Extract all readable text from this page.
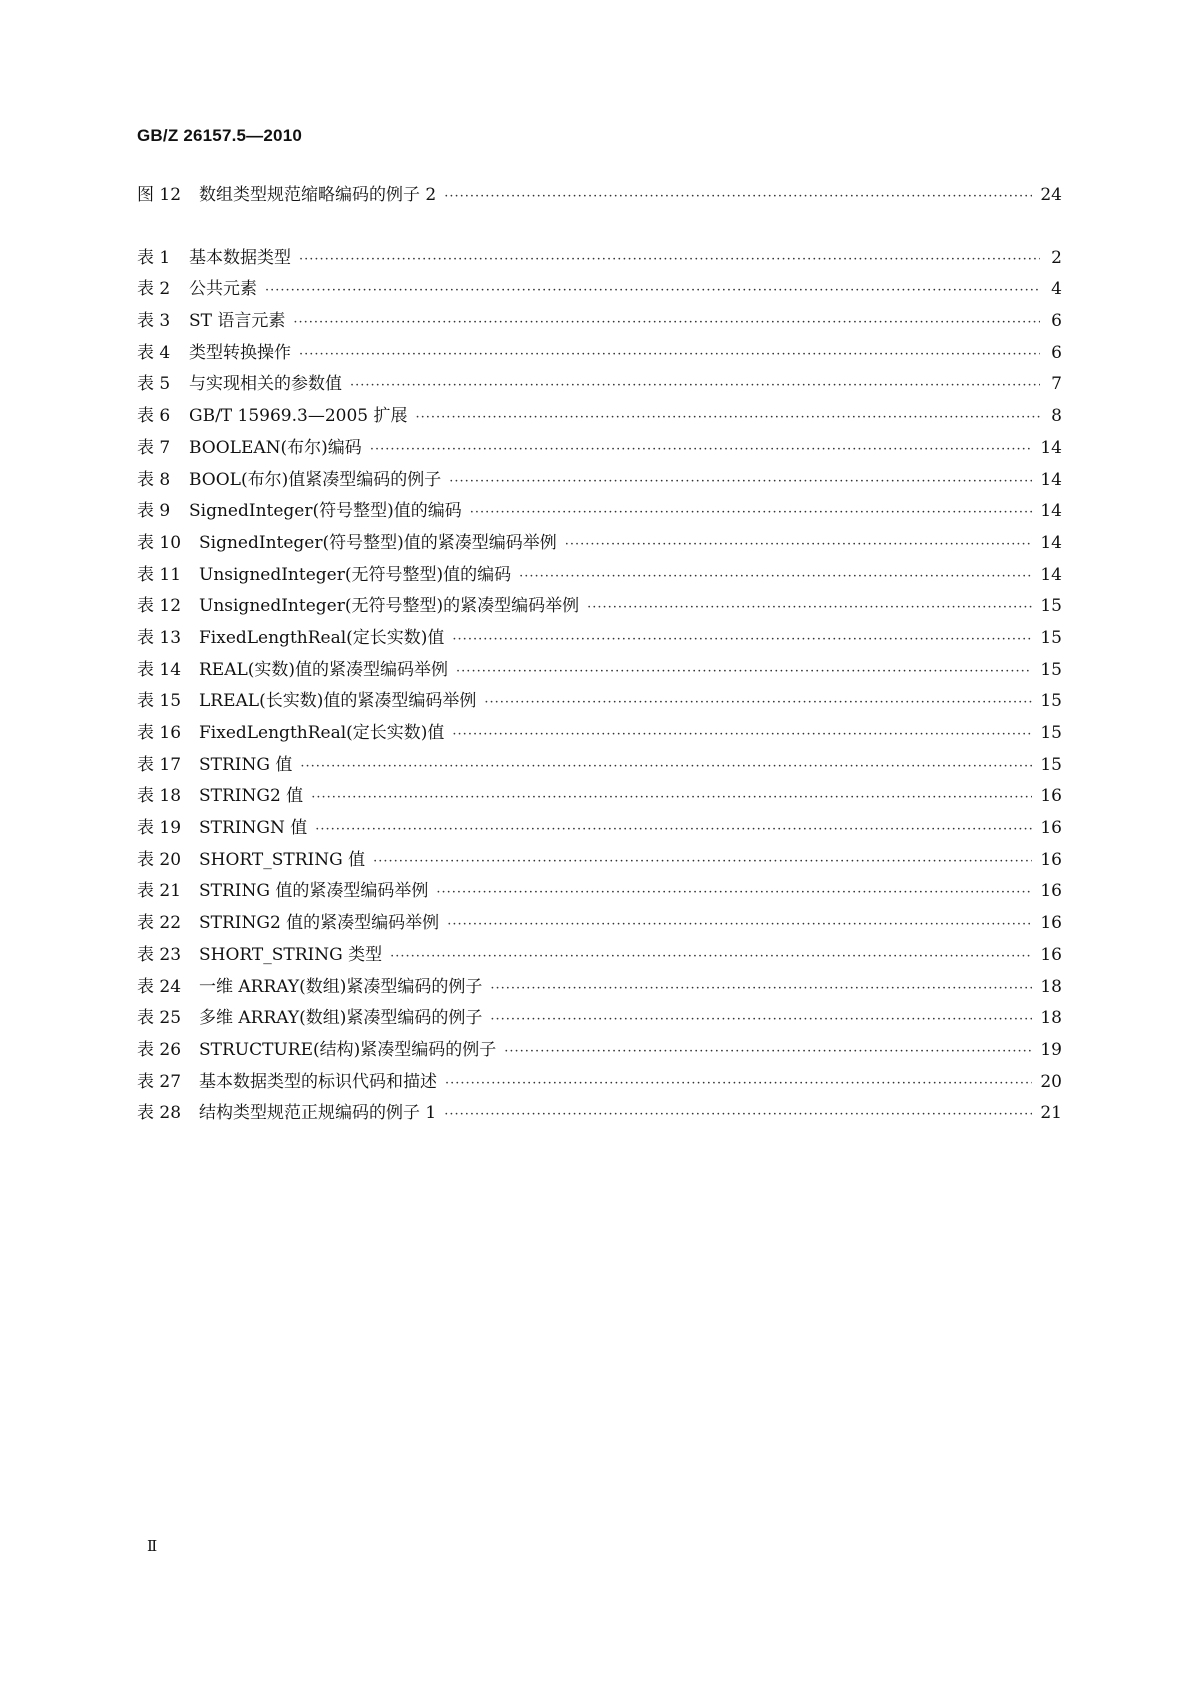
GB/Z 26157.5—2010
图 12	数组类型规范缩略编码的例子 2 ·····	24
表 1	基本数据类型 ·····	2
表 2	公共元素 ·····	4
表 3	ST 语言元素 ·····	6
表 4	类型转换操作 ·····	6
表 5	与实现相关的参数值 ·····	7
表 6	GB/T 15969.3—2005 扩展 ·····	8
表 7	BOOLEAN(布尔)编码 ·····	14
表 8	BOOL(布尔)值紧凑型编码的例子 ·····	14
表 9	SignedInteger(符号整型)值的编码 ·····	14
表 10	SignedInteger(符号整型)值的紧凑型编码举例 ·····	14
表 11	UnsignedInteger(无符号整型)值的编码 ·····	14
表 12	UnsignedInteger(无符号整型)的紧凑型编码举例 ·····	15
表 13	FixedLengthReal(定长实数)值 ·····	15
表 14	REAL(实数)值的紧凑型编码举例 ·····	15
表 15	LREAL(长实数)值的紧凑型编码举例 ·····	15
表 16	FixedLengthReal(定长实数)值 ·····	15
表 17	STRING 值 ·····	15
表 18	STRING2 值 ·····	16
表 19	STRINGN 值 ·····	16
表 20	SHORT_STRING 值 ·····	16
表 21	STRING 值的紧凑型编码举例 ·····	16
表 22	STRING2 值的紧凑型编码举例 ·····	16
表 23	SHORT_STRING 类型 ·····	16
表 24	一维 ARRAY(数组)紧凑型编码的例子 ·····	18
表 25	多维 ARRAY(数组)紧凑型编码的例子 ·····	18
表 26	STRUCTURE(结构)紧凑型编码的例子 ·····	19
表 27	基本数据类型的标识代码和描述 ·····	20
表 28	结构类型规范正规编码的例子 1 ·····	21
Ⅱ
